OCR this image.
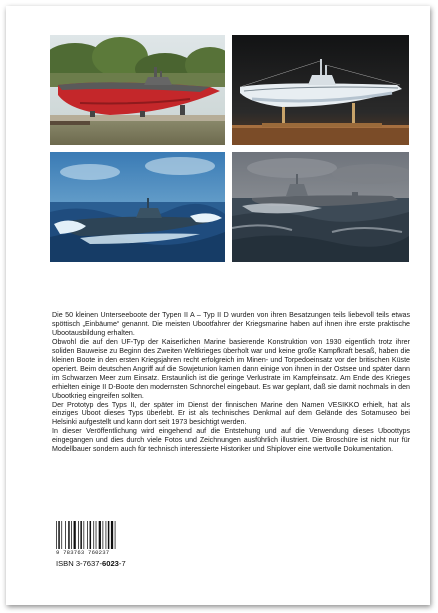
Die 50 kleinen Unterseeboote der Typen II A – Typ II D wurden von ihren Besatzungen teils liebevoll teils etwas spöttisch „Einbäume“ genannt. Die meisten Ubootfahrer der Kriegsmarine haben auf ihnen ihre erste praktische Ubootausbildung erhalten.

Obwohl die auf den UF-Typ der Kaiserlichen Marine basierende Konstruktion von 1930 eigentlich trotz ihrer soliden Bauweise zu Beginn des Zweiten Weltkrieges überholt war und keine große Kampfkraft besaß, haben die kleinen Boote in den ersten Kriegsjahren recht erfolgreich im Minen- und Torpedoeinsatz vor der britischen Küste operiert. Beim deutschen Angriff auf die Sowjetunion kamen dann einige von ihnen in der Ostsee und später dann im Schwarzen Meer zum Einsatz. Erstaunlich ist die geringe Verlustrate im Kampfeinsatz. Am Ende des Krieges erhielten einige II D-Boote den modernsten Schnorchel eingebaut. Es war geplant, daß sie damit nochmals in den Ubootkrieg eingreifen sollten.

Der Prototyp des Typs II, der später im Dienst der finnischen Marine den Namen VESIKKO erhielt, hat als einziges Uboot dieses Typs überlebt. Er ist als technisches Denkmal auf dem Gelände des Sotamuseo bei Helsinki aufgestellt und kann dort seit 1973 besichtigt werden.

In dieser Veröffentlichung wird eingehend auf die Entstehung und auf die Verwendung dieses Uboottyps eingegangen und dies durch viele Fotos und Zeichnungen ausführlich illustriert. Die Broschüre ist nicht nur für Modellbauer sondern auch für technisch interessierte Historiker und Shiplover eine wertvolle Dokumentation.

9 783763 760237
ISBN 3-7637-6023-7
